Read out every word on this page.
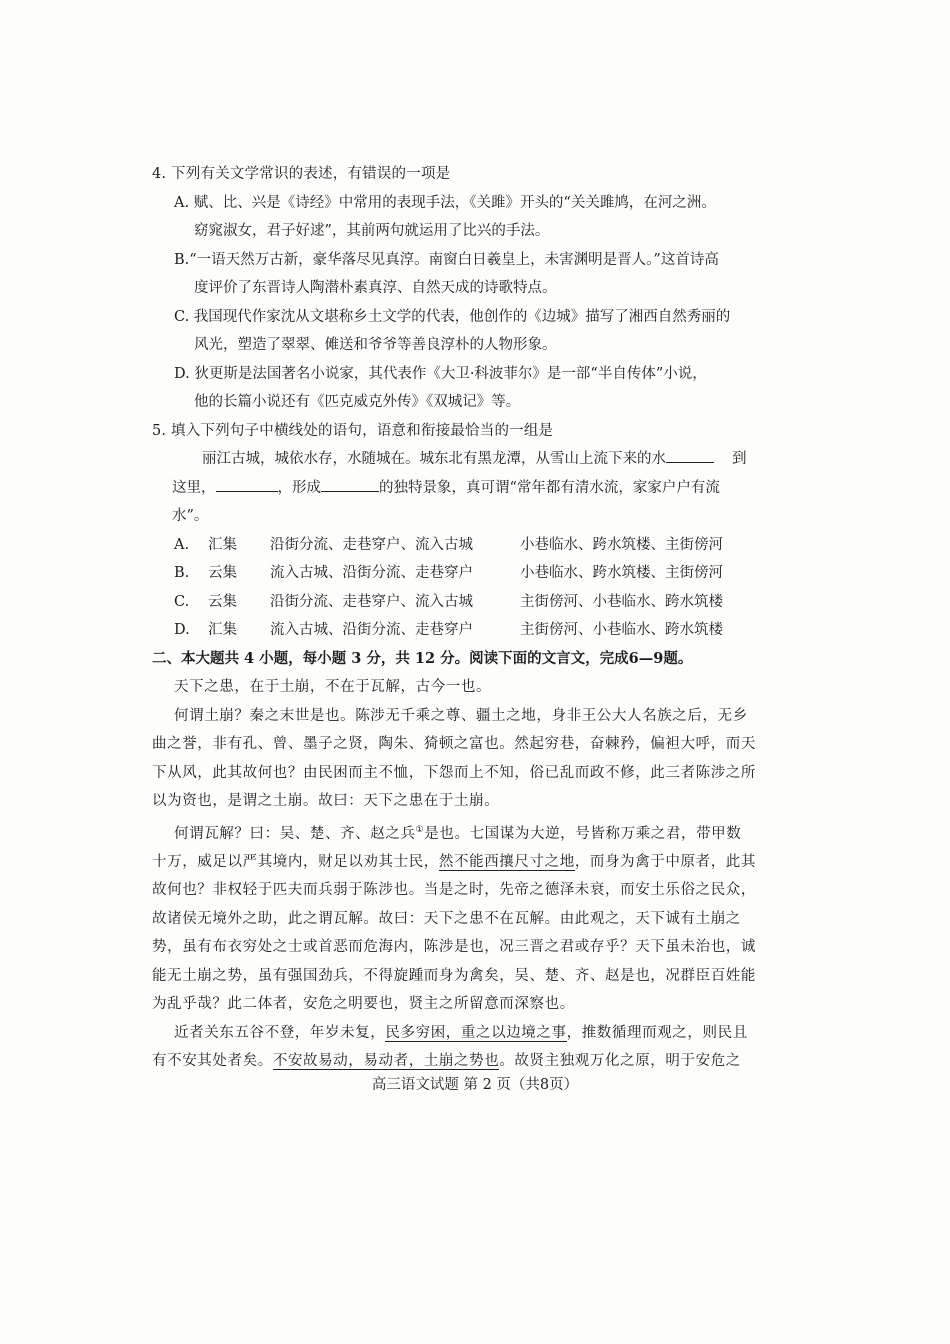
4. 下列有关文学常识的表述，有错误的一项是
A. 赋、比、兴是《诗经》中常用的表现手法，《关雎》开头的“关关雎鸠，在河之洲。
窈窕淑女，君子好逑”，其前两句就运用了比兴的手法。
B.“一语天然万古新，豪华落尽见真淳。南窗白日羲皇上，未害渊明是晋人。”这首诗高
度评价了东晋诗人陶潜朴素真淳、自然天成的诗歌特点。
C. 我国现代作家沈从文堪称乡土文学的代表，他创作的《边城》描写了湘西自然秀丽的
风光，塑造了翠翠、傩送和爷爷等善良淳朴的人物形象。
D. 狄更斯是法国著名小说家，其代表作《大卫·科波菲尔》是一部“半自传体”小说，
他的长篇小说还有《匹克威克外传》《双城记》等。
5. 填入下列句子中横线处的语句，语意和衔接最恰当的一组是
丽江古城，城依水存，水随城在。城东北有黑龙潭，从雪山上流下来的水	到
这里，	，形成	的独特景象，真可谓“常年都有清水流，家家户户有流
水”。
A.	汇集	沿街分流、走巷穿户、流入古城	小巷临水、跨水筑楼、主街傍河
B.	云集	流入古城、沿街分流、走巷穿户	小巷临水、跨水筑楼、主街傍河
C.	云集	沿街分流、走巷穿户、流入古城	主街傍河、小巷临水、跨水筑楼
D.	汇集	流入古城、沿街分流、走巷穿户	主街傍河、小巷临水、跨水筑楼
二、本大题共 4 小题，每小题 3 分，共 12 分。阅读下面的文言文，完成6—9题。
天下之患，在于土崩，不在于瓦解，古今一也。
何谓土崩？秦之末世是也。陈涉无千乘之尊、疆土之地，身非王公大人名族之后，无乡
曲之誉，非有孔、曾、墨子之贤，陶朱、猗顿之富也。然起穷巷，奋棘矜，偏袒大呼，而天
下从风，此其故何也？由民困而主不恤，下怨而上不知，俗已乱而政不修，此三者陈涉之所
以为资也，是谓之土崩。故曰：天下之患在于土崩。
何谓瓦解？曰：吴、楚、齐、赵之兵①是也。七国谋为大逆，号皆称万乘之君，带甲数
十万，威足以严其境内，财足以劝其士民，然不能西攘尺寸之地，而身为禽于中原者，此其
故何也？非权轻于匹夫而兵弱于陈涉也。当是之时，先帝之德泽未衰，而安土乐俗之民众，
故诸侯无境外之助，此之谓瓦解。故曰：天下之患不在瓦解。由此观之，天下诚有土崩之
势，虽有布衣穷处之士或首恶而危海内，陈涉是也，况三晋之君或存乎？天下虽未治也，诚
能无土崩之势，虽有强国劲兵，不得旋踵而身为禽矣，吴、楚、齐、赵是也，况群臣百姓能
为乱乎哉？此二体者，安危之明要也，贤主之所留意而深察也。
近者关东五谷不登，年岁未复，民多穷困，重之以边境之事，推数循理而观之，则民且
有不安其处者矣。不安故易动，易动者，土崩之势也。故贤主独观万化之原，明于安危之
高三语文试题 第 2 页（共8页）
